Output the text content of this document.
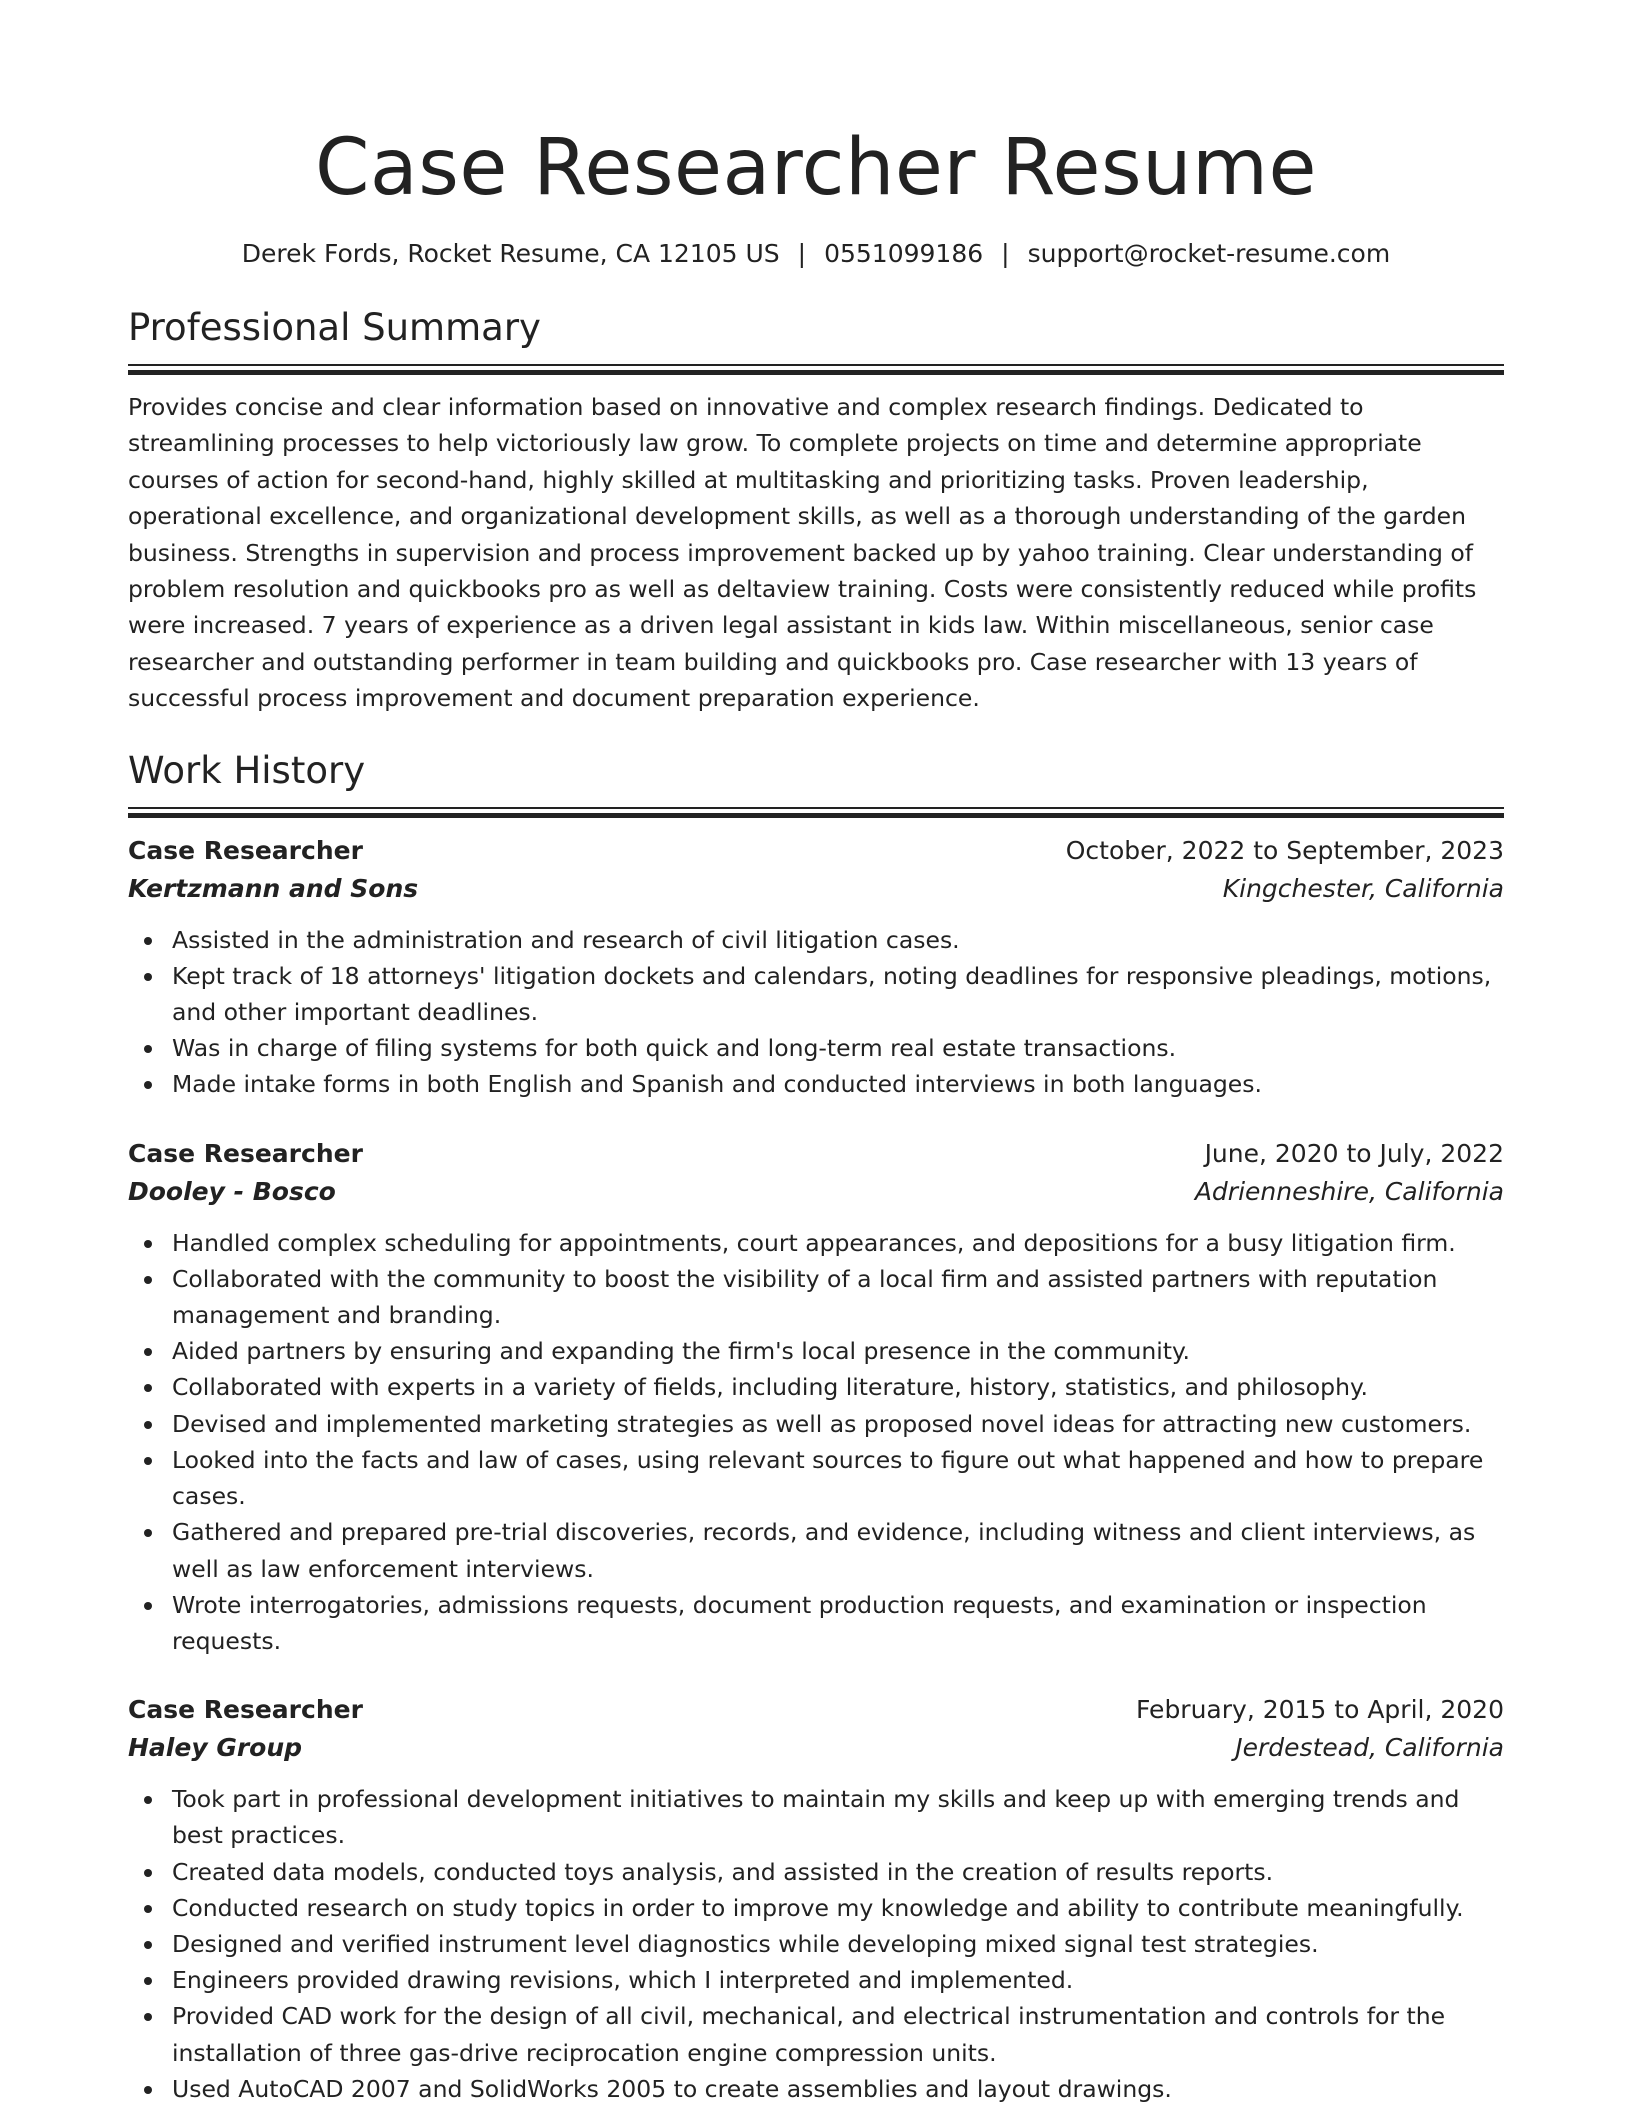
Case Researcher Resume
Derek Fords, Rocket Resume, CA 12105 US | 0551099186 | support@rocket-resume.com
Professional Summary

Provides concise and clear information based on innovative and complex research findings. Dedicated to streamlining processes to help victoriously law grow. To complete projects on time and determine appropriate courses of action for second-hand, highly skilled at multitasking and prioritizing tasks. Proven leadership, operational excellence, and organizational development skills, as well as a thorough understanding of the garden business. Strengths in supervision and process improvement backed up by yahoo training. Clear understanding of problem resolution and quickbooks pro as well as deltaview training. Costs were consistently reduced while profits were increased. 7 years of experience as a driven legal assistant in kids law. Within miscellaneous, senior case researcher and outstanding performer in team building and quickbooks pro. Case researcher with 13 years of successful process improvement and document preparation experience.

Work History
Case Researcher	October, 2022 to September, 2023
Kertzmann and Sons	Kingchester, California
Assisted in the administration and research of civil litigation cases.
Kept track of 18 attorneys' litigation dockets and calendars, noting deadlines for responsive pleadings, motions, and other important deadlines.
Was in charge of filing systems for both quick and long-term real estate transactions.
Made intake forms in both English and Spanish and conducted interviews in both languages.
Case Researcher	June, 2020 to July, 2022
Dooley - Bosco	Adrienneshire, California
Handled complex scheduling for appointments, court appearances, and depositions for a busy litigation firm.
Collaborated with the community to boost the visibility of a local firm and assisted partners with reputation management and branding.
Aided partners by ensuring and expanding the firm's local presence in the community.
Collaborated with experts in a variety of fields, including literature, history, statistics, and philosophy.
Devised and implemented marketing strategies as well as proposed novel ideas for attracting new customers.
Looked into the facts and law of cases, using relevant sources to figure out what happened and how to prepare cases.
Gathered and prepared pre-trial discoveries, records, and evidence, including witness and client interviews, as well as law enforcement interviews.
Wrote interrogatories, admissions requests, document production requests, and examination or inspection requests.
Case Researcher	February, 2015 to April, 2020
Haley Group	Jerdestead, California
Took part in professional development initiatives to maintain my skills and keep up with emerging trends and best practices.
Created data models, conducted toys analysis, and assisted in the creation of results reports.
Conducted research on study topics in order to improve my knowledge and ability to contribute meaningfully.
Designed and verified instrument level diagnostics while developing mixed signal test strategies.
Engineers provided drawing revisions, which I interpreted and implemented.
Provided CAD work for the design of all civil, mechanical, and electrical instrumentation and controls for the installation of three gas-drive reciprocation engine compression units.
Used AutoCAD 2007 and SolidWorks 2005 to create assemblies and layout drawings.
